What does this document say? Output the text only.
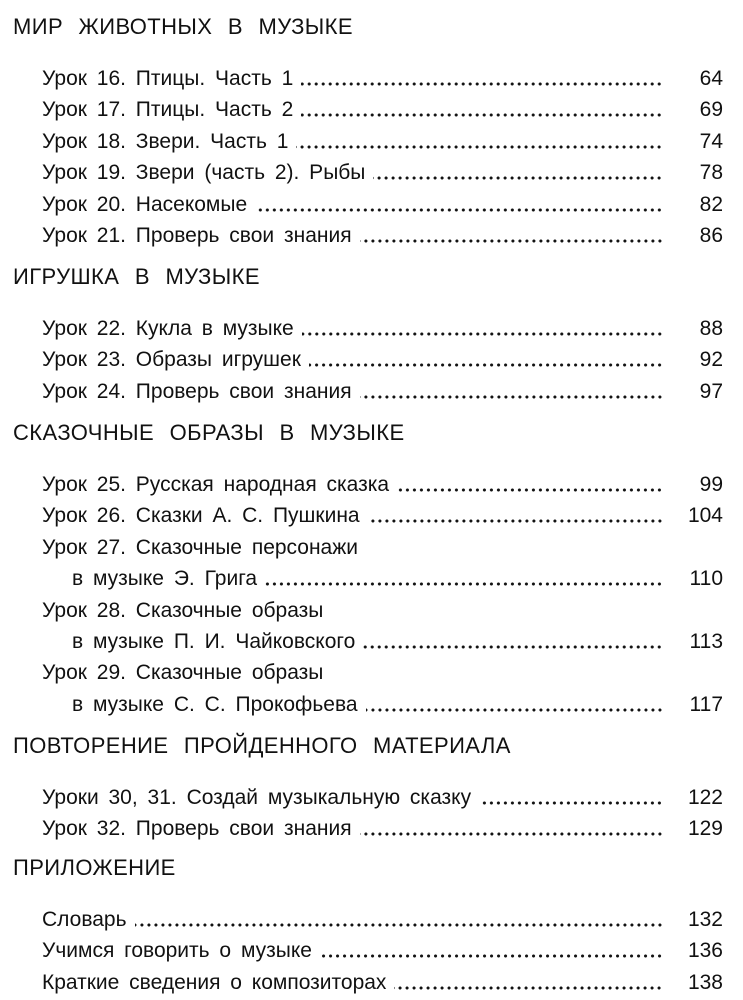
МИР ЖИВОТНЫХ В МУЗЫКЕ
64
Урок 16. Птицы. Часть 1
69
Урок 17. Птицы. Часть 2
74
Урок 18. Звери. Часть 1
78
Урок 19. Звери (часть 2). Рыбы
82
Урок 20. Насекомые
86
Урок 21. Проверь свои знания
ИГРУШКА В МУЗЫКЕ
88
Урок 22. Кукла в музыке
92
Урок 23. Образы игрушек
97
Урок 24. Проверь свои знания
СКАЗОЧНЫЕ ОБРАЗЫ В МУЗЫКЕ
99
Урок 25. Русская народная сказка
104
Урок 26. Сказки А. С. Пушкина
Урок 27. Сказочные персонажи
110
в музыке Э. Грига
Урок 28. Сказочные образы
113
в музыке П. И. Чайковского
Урок 29. Сказочные образы
117
в музыке С. С. Прокофьева
ПОВТОРЕНИЕ ПРОЙДЕННОГО МАТЕРИАЛА
122
Уроки 30, 31. Создай музыкальную сказку
129
Урок 32. Проверь свои знания
ПРИЛОЖЕНИЕ
132
Словарь
136
Учимся говорить о музыке
138
Краткие сведения о композиторах
